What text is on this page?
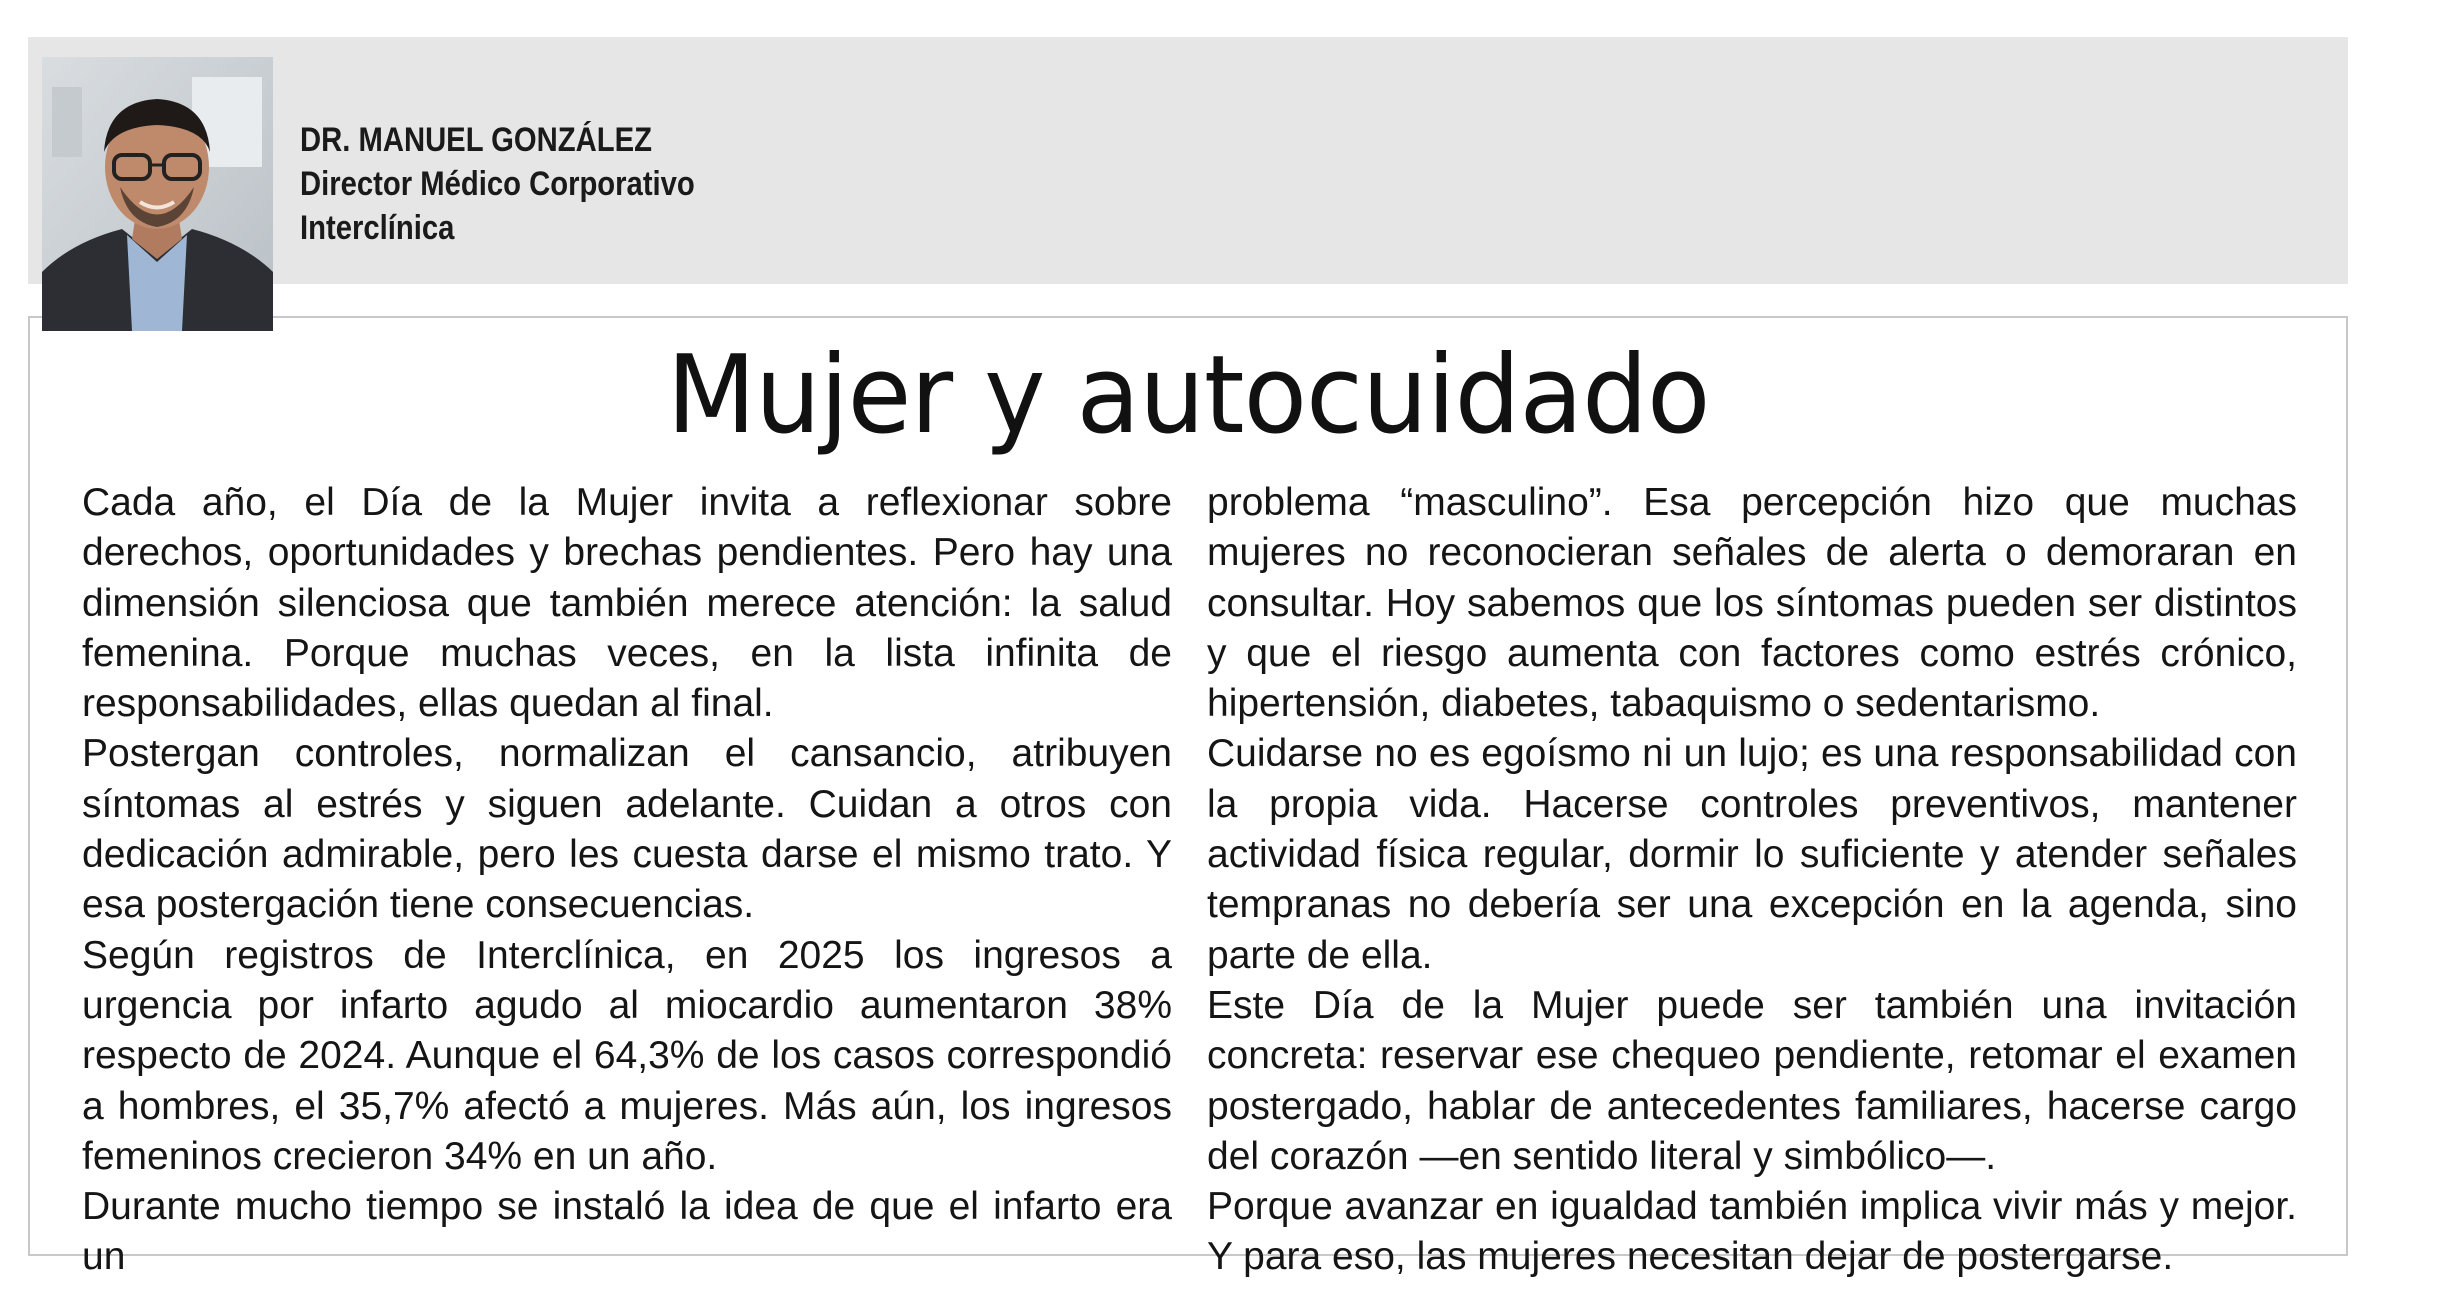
DR. MANUEL GONZÁLEZ
Director Médico Corporativo
Interclínica
Mujer y autocuidado

Cada año, el Día de la Mujer invita a reflexionar sobre derechos, oportunidades y brechas pendientes. Pero hay una dimensión silenciosa que también merece atención: la salud femenina. Porque muchas veces, en la lista infinita de responsabilidades, ellas quedan al final.

Postergan controles, normalizan el cansancio, atribuyen síntomas al estrés y siguen adelante. Cuidan a otros con dedicación admirable, pero les cuesta darse el mismo trato. Y esa postergación tiene consecuencias.

Según registros de Interclínica, en 2025 los ingresos a urgencia por infarto agudo al miocardio aumentaron 38% respecto de 2024. Aunque el 64,3% de los casos correspondió a hombres, el 35,7% afectó a mujeres. Más aún, los ingresos femeninos crecieron 34% en un año.

Durante mucho tiempo se instaló la idea de que el infarto era un

problema “masculino”. Esa percepción hizo que muchas mujeres no reconocieran señales de alerta o demoraran en consultar. Hoy sabemos que los síntomas pueden ser distintos y que el riesgo aumenta con factores como estrés crónico, hipertensión, diabetes, tabaquismo o sedentarismo.

Cuidarse no es egoísmo ni un lujo; es una responsabilidad con la propia vida. Hacerse controles preventivos, mantener actividad física regular, dormir lo suficiente y atender señales tempranas no debería ser una excepción en la agenda, sino parte de ella.

Este Día de la Mujer puede ser también una invitación concreta: reservar ese chequeo pendiente, retomar el examen postergado, hablar de antecedentes familiares, hacerse cargo del corazón —en sentido literal y simbólico—.

Porque avanzar en igualdad también implica vivir más y mejor. Y para eso, las mujeres necesitan dejar de postergarse.
